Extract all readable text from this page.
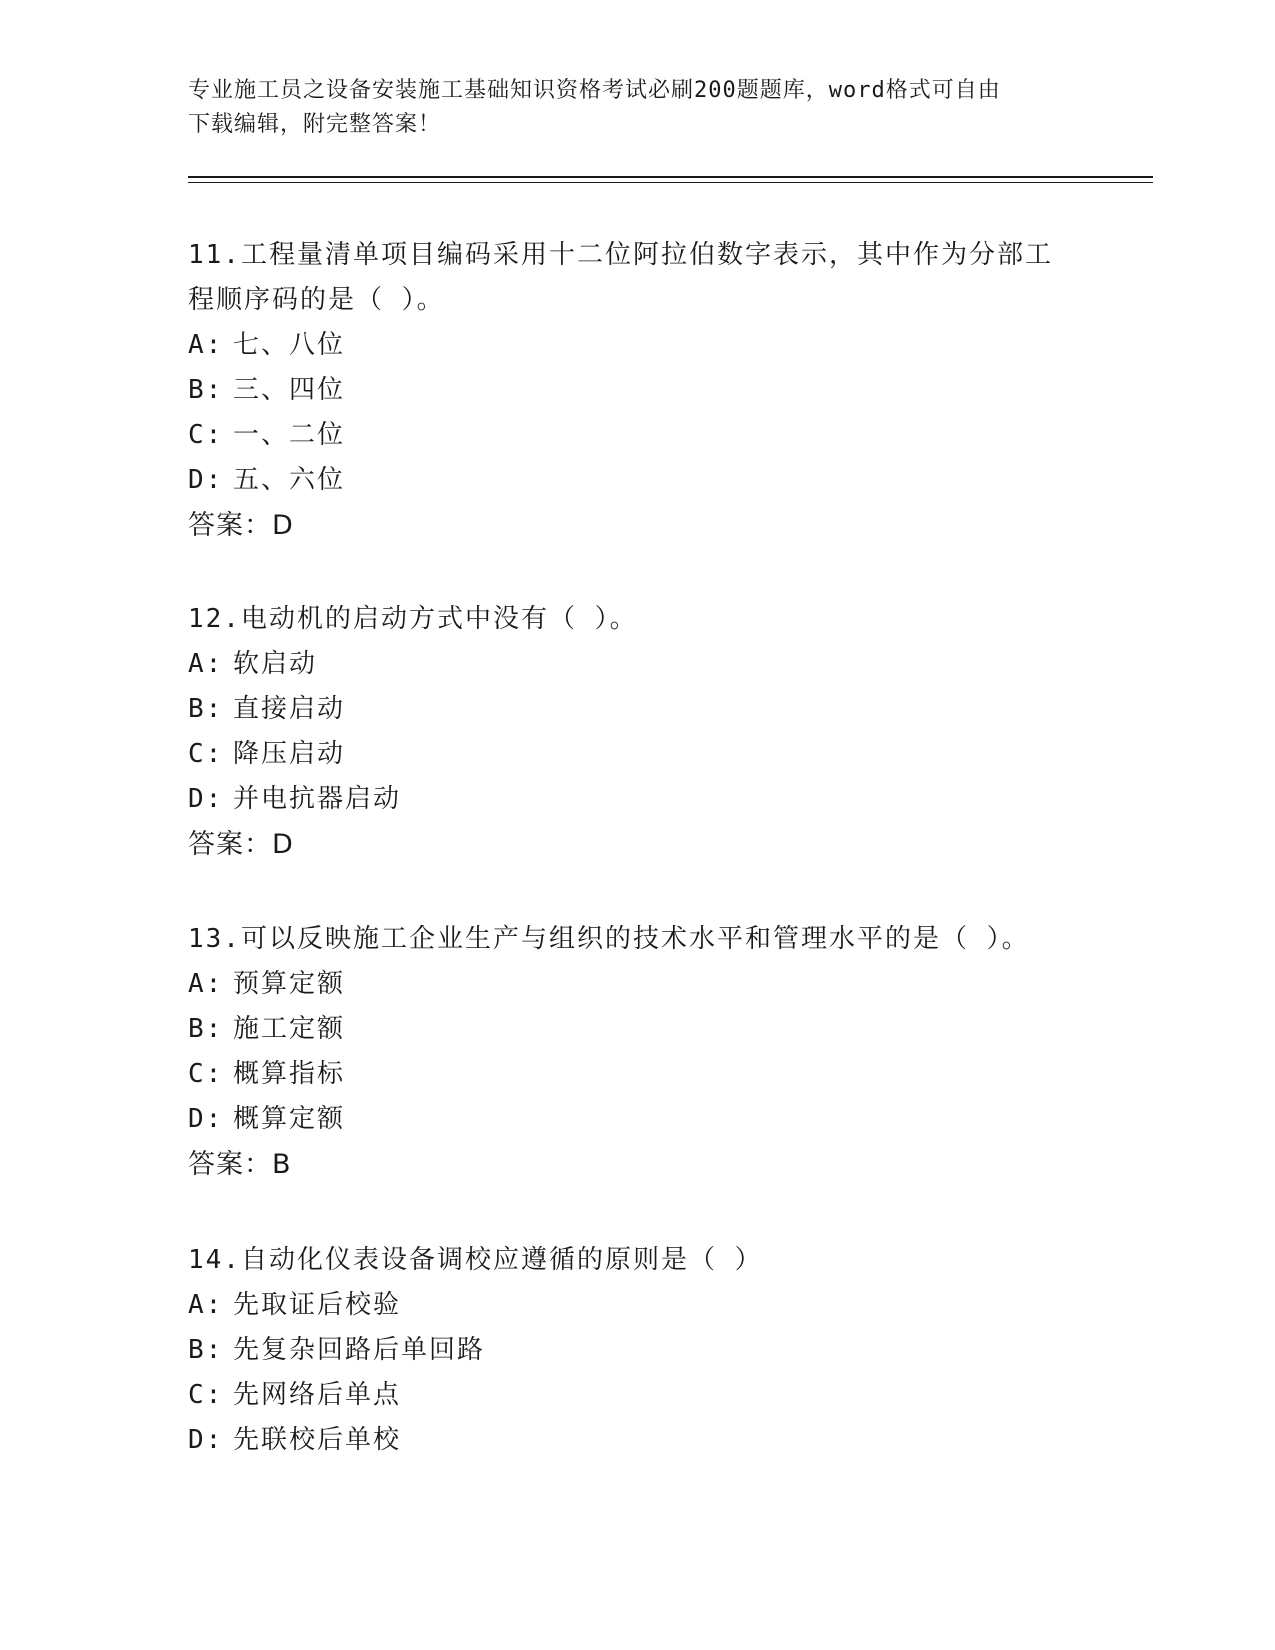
专业施工员之设备安装施工基础知识资格考试必刷200题题库，word格式可自由
下载编辑，附完整答案！

11.工程量清单项目编码采用十二位阿拉伯数字表示，其中作为分部工

程顺序码的是（ ）。

A: 七、八位

B: 三、四位

C: 一、二位

D: 五、六位

答案：D

12.电动机的启动方式中没有（ ）。

A: 软启动

B: 直接启动

C: 降压启动

D: 并电抗器启动

答案：D

13.可以反映施工企业生产与组织的技术水平和管理水平的是（ ）。

A: 预算定额

B: 施工定额

C: 概算指标

D: 概算定额

答案：B

14.自动化仪表设备调校应遵循的原则是（ ）

A: 先取证后校验

B: 先复杂回路后单回路

C: 先网络后单点

D: 先联校后单校
